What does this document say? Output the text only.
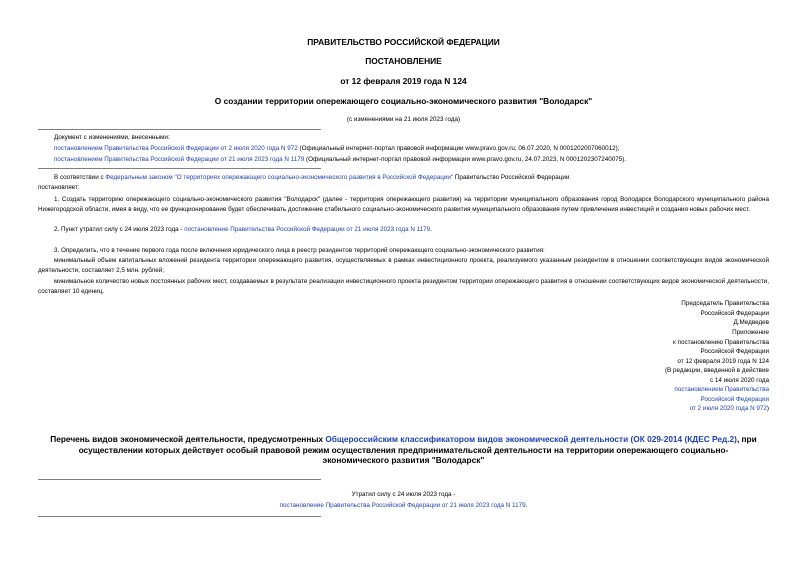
ПРАВИТЕЛЬСТВО РОССИЙСКОЙ ФЕДЕРАЦИИ
ПОСТАНОВЛЕНИЕ
от 12 февраля 2019 года N 124
О создании территории опережающего социально-экономического развития "Володарск"
(с изменениями на 21 июля 2023 года)
Документ с изменениями, внесенными:
постановлением Правительства Российской Федерации от 2 июля 2020 года N 972 (Официальный интернет-портал правовой информации www.pravo.gov.ru, 06.07.2020, N 0001202007060012);
постановлением Правительства Российской Федерации от 21 июля 2023 года N 1179 (Официальный интернет-портал правовой информации www.pravo.gov.ru, 24.07.2023, N 0001202307240075).
В соответствии с Федеральным законом "О территориях опережающего социально-экономического развития в Российской Федерации" Правительство Российской Федерации
постановляет:
1. Создать территорию опережающего социально-экономического развития "Володарск" (далее - территория опережающего развития) на территории муниципального образования город Володарск Володарского муниципального района Нижегородской области, имея в виду, что ее функционирование будет обеспечивать достижение стабильного социально-экономического развития муниципального образования путем привлечения инвестиций и создания новых рабочих мест.
2. Пункт утратил силу с 24 июля 2023 года - постановление Правительства Российской Федерации от 21 июля 2023 года N 1179.
3. Определить, что в течение первого года после включения юридического лица в реестр резидентов территорий опережающего социально-экономического развития:
минимальный объем капитальных вложений резидента территории опережающего развития, осуществляемых в рамках инвестиционного проекта, реализуемого указанным резидентом в отношении соответствующих видов экономической деятельности, составляет 2,5 млн. рублей;
минимальное количество новых постоянных рабочих мест, создаваемых в результате реализации инвестиционного проекта резидентом территории опережающего развития в отношении соответствующих видов экономической деятельности, составляет 10 единиц.
Председатель Правительства
Российской Федерации
Д.Медведев
Приложение
к постановлению Правительства
Российской Федерации
от 12 февраля 2019 года N 124
(В редакции, введенной в действие
с 14 июля 2020 года
постановлением Правительства
Российской Федерации
от 2 июля 2020 года N 972)
Перечень видов экономической деятельности, предусмотренных Общероссийским классификатором видов экономической деятельности (ОК 029-2014 (КДЕС Ред.2), при осуществлении которых действует особый правовой режим осуществления предпринимательской деятельности на территории опережающего социально-экономического развития "Володарск"
Утратил силу с 24 июля 2023 года -
постановление Правительства Российской Федерации от 21 июля 2023 года N 1179.
